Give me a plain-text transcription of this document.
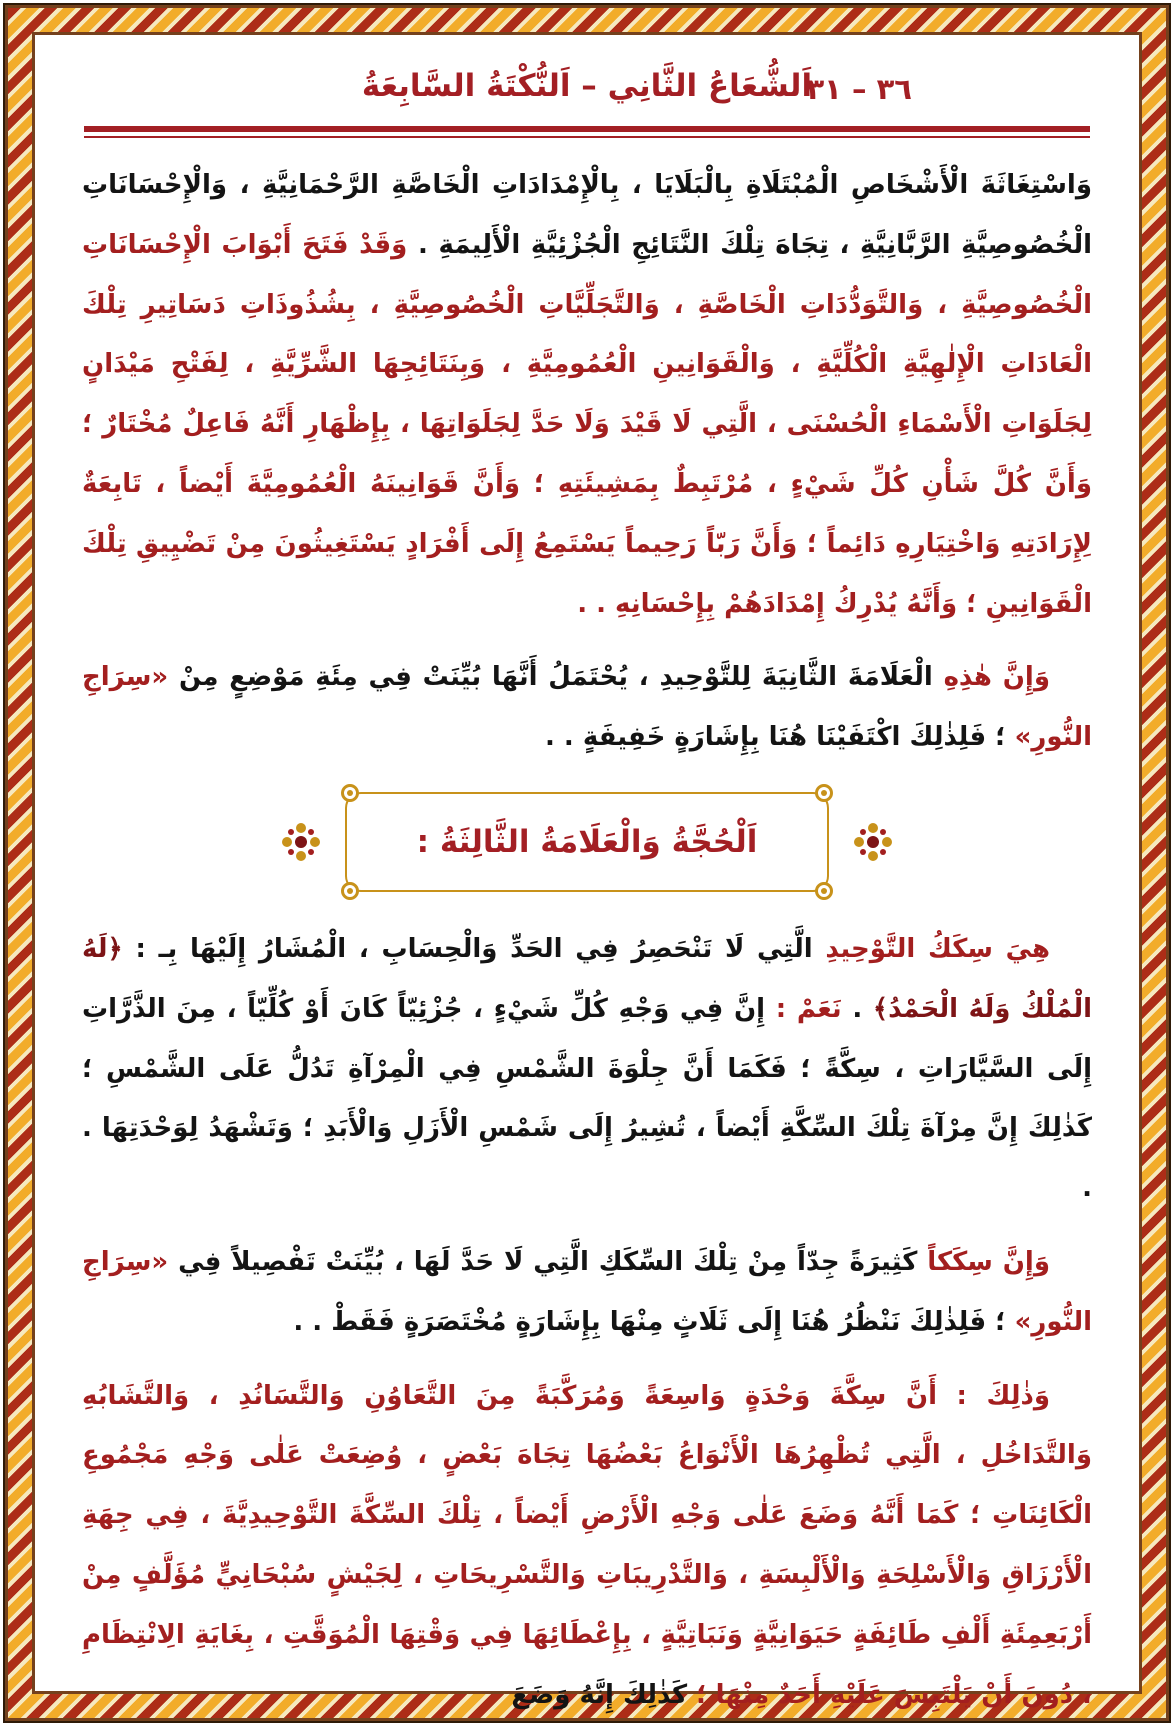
اَلشُّعَاعُ الثَّانِي – اَلنُّكْتَةُ السَّابِعَةُ
٣٦ – ٣١

وَاسْتِغَاثَةَ الْأَشْخَاصِ الْمُبْتَلَاةِ بِالْبَلَايَا ، بِالْإِمْدَادَاتِ الْخَاصَّةِ الرَّحْمَانِيَّةِ ، وَالْإِحْسَانَاتِ الْخُصُوصِيَّةِ الرَّبَّانِيَّةِ ، تِجَاهَ تِلْكَ النَّتَائِجِ الْجُزْئِيَّةِ الْأَلِيمَةِ . وَقَدْ فَتَحَ أَبْوَابَ الْإِحْسَانَاتِ الْخُصُوصِيَّةِ ، وَالتَّوَدُّدَاتِ الْخَاصَّةِ ، وَالتَّجَلِّيَّاتِ الْخُصُوصِيَّةِ ، بِشُذُوذَاتِ دَسَاتِيرِ تِلْكَ الْعَادَاتِ الْإِلٰهِيَّةِ الْكُلِّيَّةِ ، وَالْقَوَانِينِ الْعُمُومِيَّةِ ، وَبِنَتَائِجِهَا الشَّرِّيَّةِ ، لِفَتْحِ مَيْدَانٍ لِجَلَوَاتِ الْأَسْمَاءِ الْحُسْنَى ، الَّتِي لَا قَيْدَ وَلَا حَدَّ لِجَلَوَاتِهَا ، بِإِظْهَارِ أَنَّهُ فَاعِلٌ مُخْتَارٌ ؛ وَأَنَّ كُلَّ شَأْنِ كُلِّ شَيْءٍ ، مُرْتَبِطٌ بِمَشِيئَتِهِ ؛ وَأَنَّ قَوَانِينَهُ الْعُمُومِيَّةَ أَيْضاً ، تَابِعَةٌ لِإِرَادَتِهِ وَاخْتِيَارِهِ دَائِماً ؛ وَأَنَّ رَبّاً رَحِيماً يَسْتَمِعُ إِلَى أَفْرَادٍ يَسْتَغِيثُونَ مِنْ تَضْيِيقِ تِلْكَ الْقَوَانِينِ ؛ وَأَنَّهُ يُدْرِكُ إِمْدَادَهُمْ بِإِحْسَانِهِ . .

وَإِنَّ هٰذِهِ الْعَلَامَةَ الثَّانِيَةَ لِلتَّوْحِيدِ ، يُحْتَمَلُ أَنَّهَا بُيِّنَتْ فِي مِئَةِ مَوْضِعٍ مِنْ «سِرَاجِ النُّورِ» ؛ فَلِذٰلِكَ اكْتَفَيْنَا هُنَا بِإِشَارَةٍ خَفِيفَةٍ . .

اَلْحُجَّةُ وَالْعَلَامَةُ الثَّالِثَةُ :

هِيَ سِكَكُ التَّوْحِيدِ الَّتِي لَا تَنْحَصِرُ فِي الحَدِّ وَالْحِسَابِ ، الْمُشَارُ إِلَيْهَا بِـ : ﴿لَهُ الْمُلْكُ وَلَهُ الْحَمْدُ﴾ . نَعَمْ : إِنَّ فِي وَجْهِ كُلِّ شَيْءٍ ، جُزْئِيّاً كَانَ أَوْ كُلِّيّاً ، مِنَ الذَّرَّاتِ إِلَى السَّيَّارَاتِ ، سِكَّةً ؛ فَكَمَا أَنَّ جِلْوَةَ الشَّمْسِ فِي الْمِرْآةِ تَدُلُّ عَلَى الشَّمْسِ ؛ كَذٰلِكَ إِنَّ مِرْآةَ تِلْكَ السِّكَّةِ أَيْضاً ، تُشِيرُ إِلَى شَمْسِ الْأَزَلِ وَالْأَبَدِ ؛ وَتَشْهَدُ لِوَحْدَتِهَا . .

وَإِنَّ سِكَكاً كَثِيرَةً جِدّاً مِنْ تِلْكَ السِّكَكِ الَّتِي لَا حَدَّ لَهَا ، بُيِّنَتْ تَفْصِيلاً فِي «سِرَاجِ النُّورِ» ؛ فَلِذٰلِكَ نَنْظُرُ هُنَا إِلَى ثَلَاثٍ مِنْهَا بِإِشَارَةٍ مُخْتَصَرَةٍ فَقَطْ . .

وَذٰلِكَ : أَنَّ سِكَّةَ وَحْدَةٍ وَاسِعَةً وَمُرَكَّبَةً مِنَ التَّعَاوُنِ وَالتَّسَانُدِ ، وَالتَّشَابُهِ وَالتَّدَاخُلِ ، الَّتِي تُظْهِرُهَا الْأَنْوَاعُ بَعْضُهَا تِجَاهَ بَعْضٍ ، وُضِعَتْ عَلٰى وَجْهِ مَجْمُوعِ الْكَائِنَاتِ ؛ كَمَا أَنَّهُ وَضَعَ عَلٰى وَجْهِ الْأَرْضِ أَيْضاً ، تِلْكَ السِّكَّةَ التَّوْحِيدِيَّةَ ، فِي جِهَةِ الْأَرْزَاقِ وَالْأَسْلِحَةِ وَالْأَلْبِسَةِ ، وَالتَّدْرِيبَاتِ وَالتَّسْرِيحَاتِ ، لِجَيْشٍ سُبْحَانِيٍّ مُؤَلَّفٍ مِنْ أَرْبَعِمِئَةِ أَلْفِ طَائِفَةٍ حَيَوَانِيَّةٍ وَنَبَاتِيَّةٍ ، بِإِعْطَائِهَا فِي وَقْتِهَا الْمُوَقَّتِ ، بِغَايَةِ الِانْتِظَامِ ، دُونَ أَنْ يَلْتَبِسَ عَلَيْهِ أَحَدٌ مِنْهَا ؛ كَذٰلِكَ إِنَّهُ وَضَعَ
